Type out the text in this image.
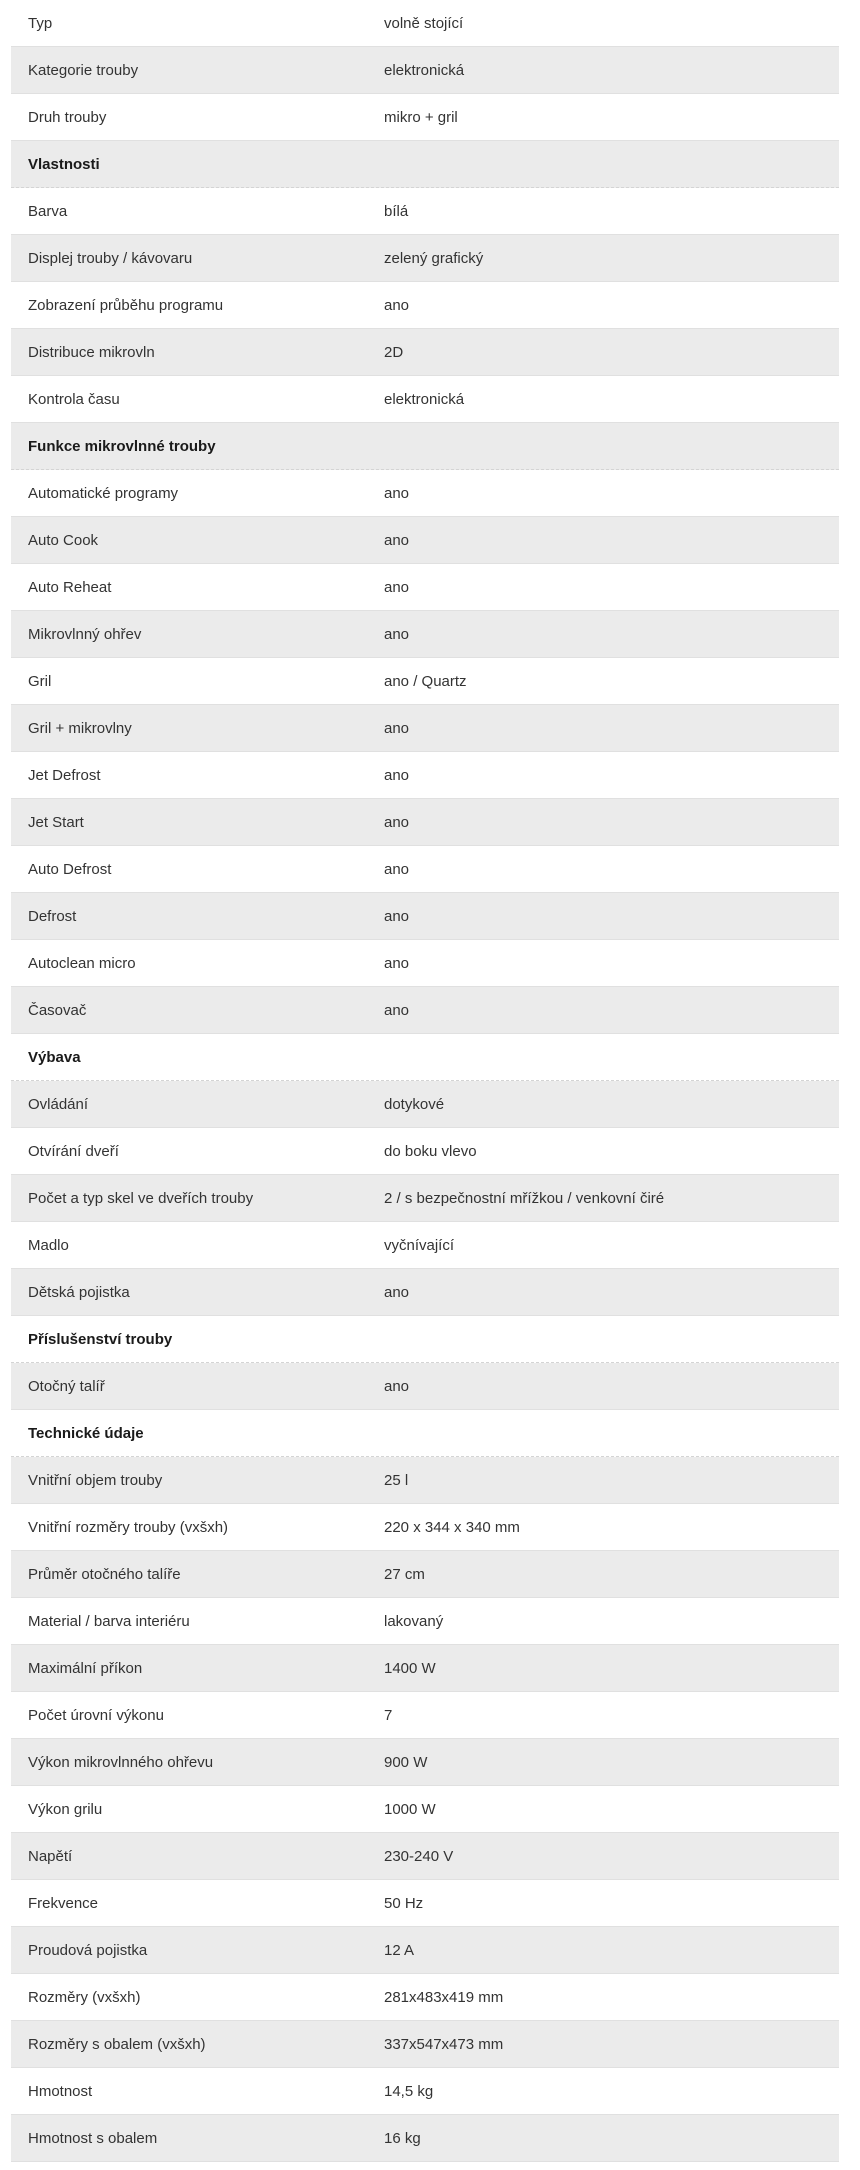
Typ	volně stojící
Kategorie trouby	elektronická
Druh trouby	mikro + gril
Vlastnosti
Barva	bílá
Displej trouby / kávovaru	zelený grafický
Zobrazení průběhu programu	ano
Distribuce mikrovln	2D
Kontrola času	elektronická
Funkce mikrovlnné trouby
Automatické programy	ano
Auto Cook	ano
Auto Reheat	ano
Mikrovlnný ohřev	ano
Gril	ano / Quartz
Gril + mikrovlny	ano
Jet Defrost	ano
Jet Start	ano
Auto Defrost	ano
Defrost	ano
Autoclean micro	ano
Časovač	ano
Výbava
Ovládání	dotykové
Otvírání dveří	do boku vlevo
Počet a typ skel ve dveřích trouby	2 / s bezpečnostní mřížkou / venkovní čiré
Madlo	vyčnívající
Dětská pojistka	ano
Příslušenství trouby
Otočný talíř	ano
Technické údaje
Vnitřní objem trouby	25 l
Vnitřní rozměry trouby (vxšxh)	220 x 344 x 340 mm
Průměr otočného talíře	27 cm
Material / barva interiéru	lakovaný
Maximální příkon	1400 W
Počet úrovní výkonu	7
Výkon mikrovlnného ohřevu	900 W
Výkon grilu	1000 W
Napětí	230-240 V
Frekvence	50 Hz
Proudová pojistka	12 A
Rozměry (vxšxh)	281x483x419 mm
Rozměry s obalem (vxšxh)	337x547x473 mm
Hmotnost	14,5 kg
Hmotnost s obalem	16 kg
